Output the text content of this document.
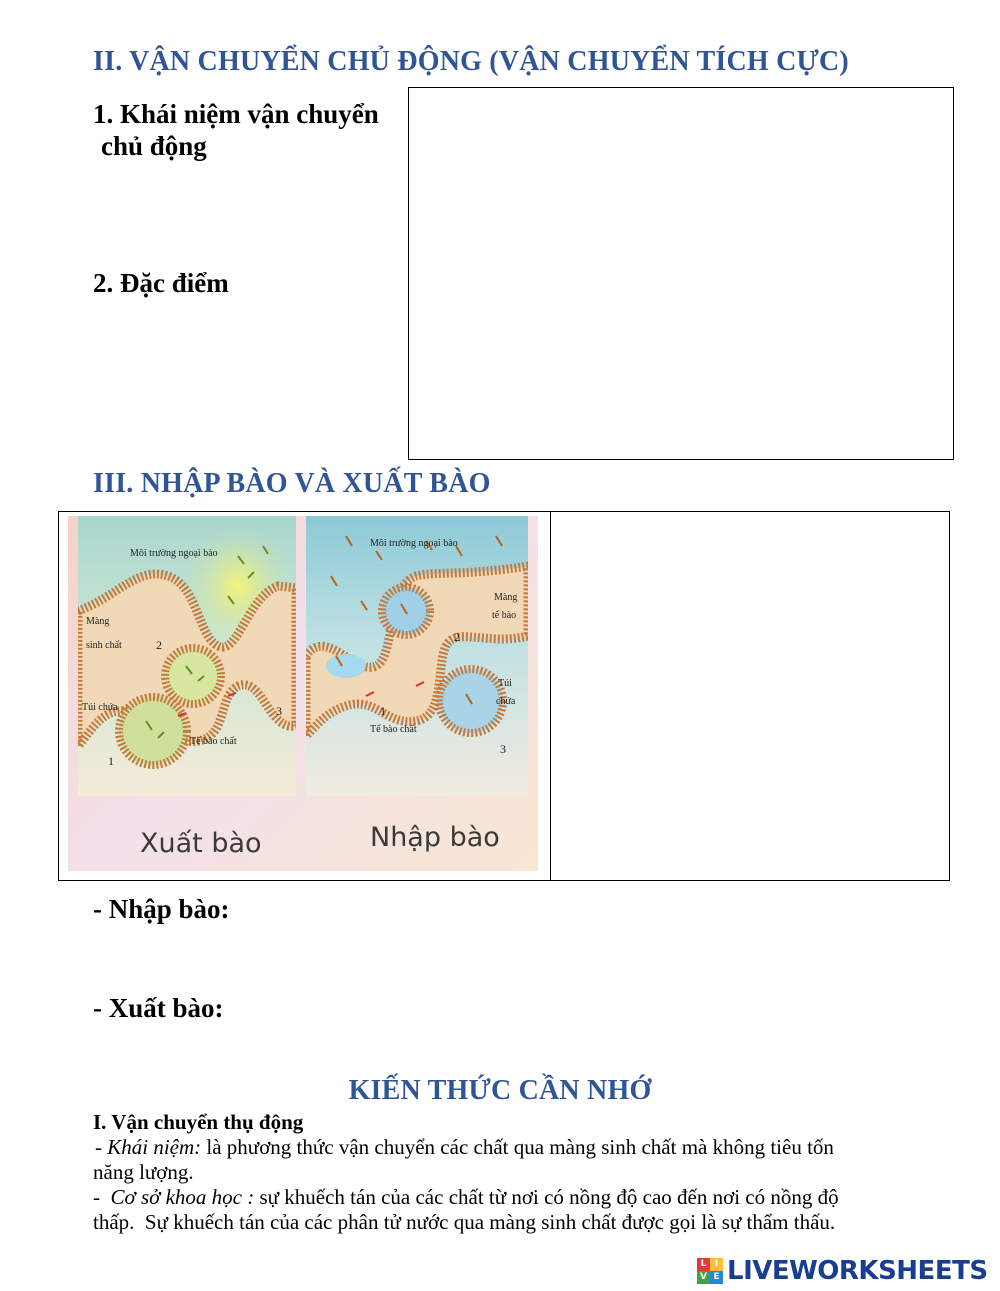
II. VẬN CHUYỂN CHỦ ĐỘNG (VẬN CHUYỂN TÍCH CỰC)
1. Khái niệm vận chuyển
chủ động
2. Đặc điểm
III. NHẬP BÀO VÀ XUẤT BÀO
Môi trường ngoại bào
Màng
sinh chất
Túi chứa
Tế bào chất
1
2
3
Môi trường ngoại bào
Màng
tế bào
Túi
chứa
Tế bào chất
1
2
3
Xuất bào	Nhập bào
- Nhập bào:
- Xuất bào:
KIẾN THỨC CẦN NHỚ
I. Vận chuyển thụ động
- Khái niệm: là phương thức vận chuyển các chất qua màng sinh chất mà không tiêu tốn
năng lượng.
-  Cơ sở khoa học : sự khuếch tán của các chất từ nơi có nồng độ cao đến nơi có nồng độ
thấp.  Sự khuếch tán của các phân tử nước qua màng sinh chất được gọi là sự thẩm thấu.
L I
V E LIVEWORKSHEETS
